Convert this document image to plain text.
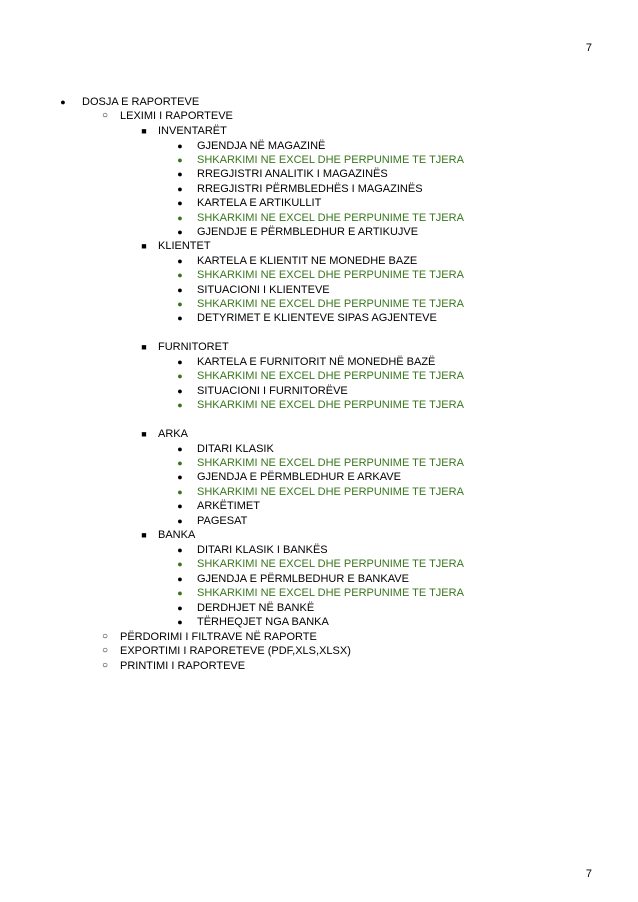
7
●	DOSJA E RAPORTEVE
○	LEXIMI I RAPORTEVE
■	INVENTARËT
●	GJENDJA NË MAGAZINË
●	SHKARKIMI NE EXCEL DHE PERPUNIME TE TJERA
●	RREGJISTRI ANALITIK I MAGAZINËS
●	RREGJISTRI PËRMBLEDHËS I MAGAZINËS
●	KARTELA E ARTIKULLIT
●	SHKARKIMI NE EXCEL DHE PERPUNIME TE TJERA
●	GJENDJE E PËRMBLEDHUR E ARTIKUJVE
■	KLIENTET
●	KARTELA E KLIENTIT NE MONEDHE BAZE
●	SHKARKIMI NE EXCEL DHE PERPUNIME TE TJERA
●	SITUACIONI I KLIENTEVE
●	SHKARKIMI NE EXCEL DHE PERPUNIME TE TJERA
●	DETYRIMET E KLIENTEVE SIPAS AGJENTEVE
■	FURNITORET
●	KARTELA E FURNITORIT NË MONEDHË BAZË
●	SHKARKIMI NE EXCEL DHE PERPUNIME TE TJERA
●	SITUACIONI I FURNITORËVE
●	SHKARKIMI NE EXCEL DHE PERPUNIME TE TJERA
■	ARKA
●	DITARI KLASIK
●	SHKARKIMI NE EXCEL DHE PERPUNIME TE TJERA
●	GJENDJA E PËRMBLEDHUR E ARKAVE
●	SHKARKIMI NE EXCEL DHE PERPUNIME TE TJERA
●	ARKËTIMET
●	PAGESAT
■	BANKA
●	DITARI KLASIK I BANKËS
●	SHKARKIMI NE EXCEL DHE PERPUNIME TE TJERA
●	GJENDJA E PËRMLBEDHUR E BANKAVE
●	SHKARKIMI NE EXCEL DHE PERPUNIME TE TJERA
●	DERDHJET NË BANKË
●	TËRHEQJET NGA BANKA
○	PËRDORIMI I FILTRAVE NË RAPORTE
○	EXPORTIMI I RAPORETEVE (PDF,XLS,XLSX)
○	PRINTIMI I RAPORTEVE
7
